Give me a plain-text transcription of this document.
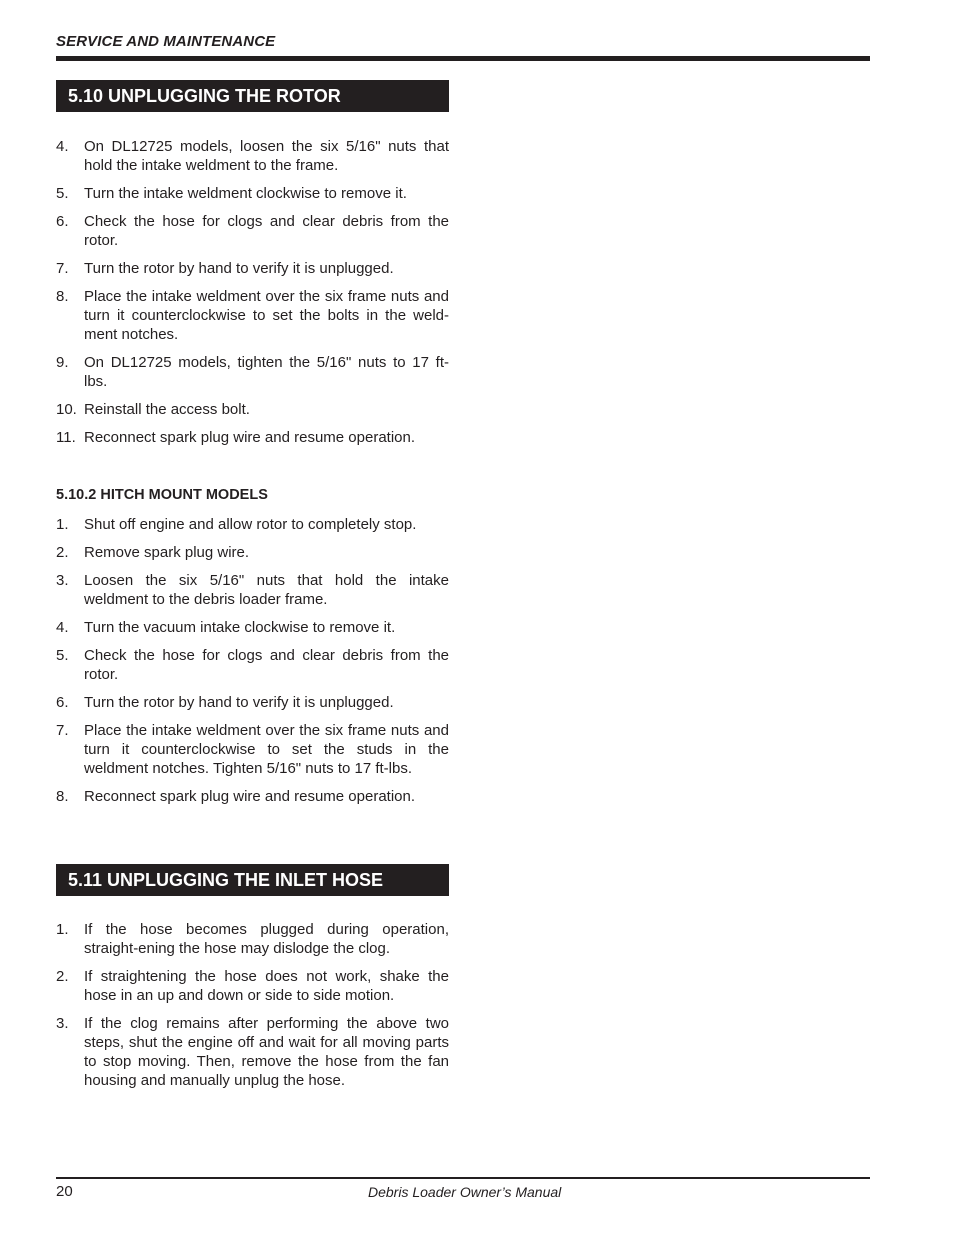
SERVICE AND MAINTENANCE
5.10 UNPLUGGING THE ROTOR
4.	On DL12725 models, loosen the six 5/16" nuts that hold the intake weldment to the frame.
5.	Turn the intake weldment clockwise to remove it.
6.	Check the hose for clogs and clear debris from the rotor.
7.	Turn the rotor by hand to verify it is unplugged.
8.	Place the intake weldment over the six frame nuts and turn it counterclockwise to set the bolts in the weld-ment notches.
9.	On DL12725 models, tighten the 5/16" nuts to 17 ft-lbs.
10. Reinstall the access bolt.
11. Reconnect spark plug wire and resume operation.
5.10.2 HITCH MOUNT MODELS
1.	Shut off engine and allow rotor to completely stop.
2.	Remove spark plug wire.
3.	Loosen the six 5/16" nuts that hold the intake weldment to the debris loader frame.
4.	Turn the vacuum intake clockwise to remove it.
5.	Check the hose for clogs and clear debris from the rotor.
6.	Turn the rotor by hand to verify it is unplugged.
7.	Place the intake weldment over the six frame nuts and turn it counterclockwise to set the studs in the weldment notches. Tighten 5/16" nuts to 17 ft-lbs.
8.	Reconnect spark plug wire and resume operation.
5.11 UNPLUGGING THE INLET HOSE
1.	If the hose becomes plugged during operation, straight-ening the hose may dislodge the clog.
2.	If straightening the hose does not work, shake the hose in an up and down or side to side motion.
3.	If the clog remains after performing the above two steps, shut the engine off and wait for all moving parts to stop moving. Then, remove the hose from the fan housing and manually unplug the hose.
20	Debris Loader Owner’s Manual
